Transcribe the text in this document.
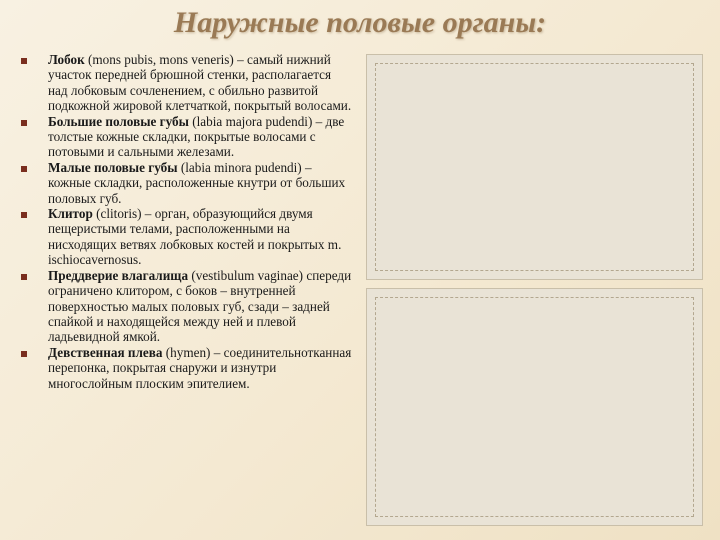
Наружные половые органы:
Лобок (mons pubis, mons veneris) – самый нижний участок передней брюшной стенки, располагается над лобковым сочленением, с обильно развитой подкожной жировой клетчаткой, покрытый волосами.
Большие половые губы (labia majora pudendi) – две толстые кожные складки, покрытые волосами с потовыми и сальными железами.
Малые половые губы (labia minora pudendi) – кожные складки, расположенные кнутри от больших половых губ.
Клитор (clitoris) – орган, образующийся двумя пещеристыми телами, расположенными на нисходящих ветвях лобковых костей и покрытых m. ischiocavernosus.
Преддверие влагалища (vestibulum vaginae) спереди ограничено клитором, с боков – внутренней поверхностью малых половых губ, сзади – задней спайкой и находящейся между ней и плевой ладьевидной ямкой.
Девственная плева (hymen) – соединительнотканная перепонка, покрытая снаружи и изнутри многослойным плоским эпителием.
